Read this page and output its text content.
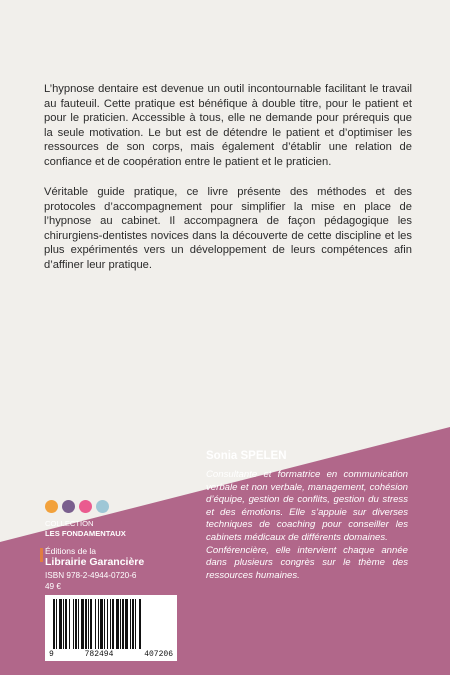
L’hypnose dentaire est devenue un outil incontournable facilitant le travail au fauteuil. Cette pratique est bénéfique à double titre, pour le patient et pour le praticien. Accessible à tous, elle ne demande pour prérequis que la seule motivation. Le but est de détendre le patient et d’optimiser les ressources de son corps, mais également d’établir une relation de confiance et de coopération entre le patient et le praticien.

Véritable guide pratique, ce livre présente des méthodes et des protocoles d’accompagnement pour simplifier la mise en place de l’hypnose au cabinet. Il accompagnera de façon pédagogique les chirurgiens-dentistes novices dans la découverte de cette discipline et les plus expérimentés vers un développement de leurs compétences afin d’affiner leur pratique.

Sonia SPELEN

Consultante et formatrice en communication verbale et non verbale, management, cohésion d’équipe, gestion de conflits, gestion du stress et des émotions. Elle s’appuie sur diverses techniques de coaching pour conseiller les cabinets médicaux de différents domaines.

Conférencière, elle intervient chaque année dans plusieurs congrès sur le thème des ressources humaines.

COLLECTION
LES FONDAMENTAUX
Éditions de la
Librairie Garancière
ISBN 978-2-4944-0720-6
49 €
9	782494	407206
